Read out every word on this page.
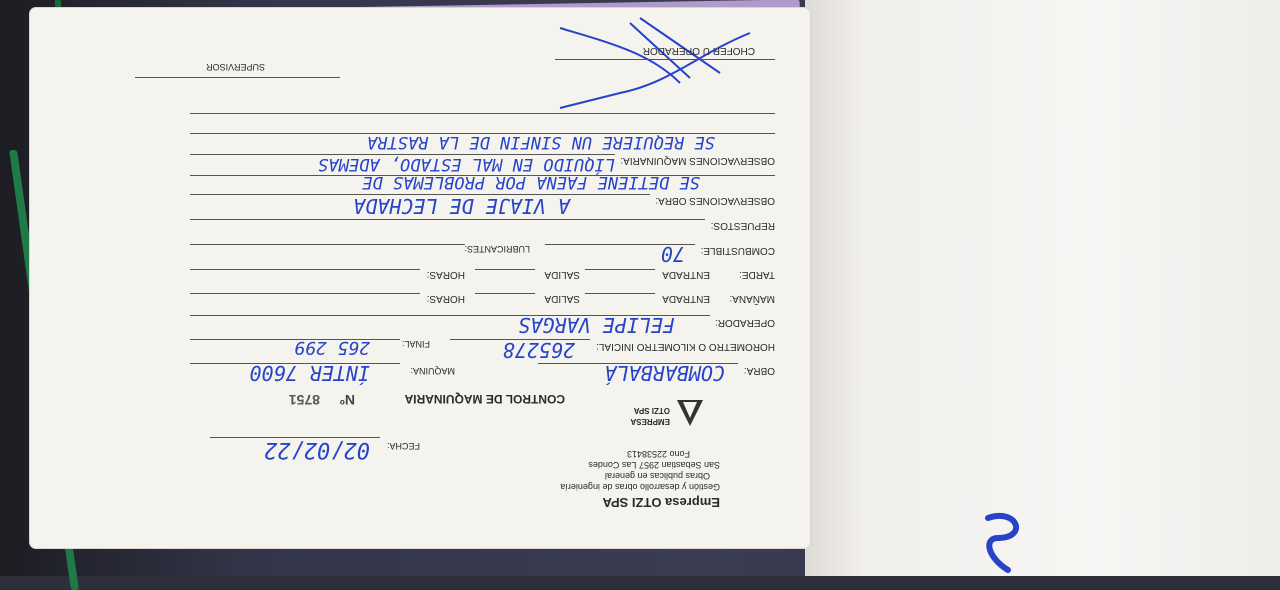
Empresa OTZI SPA
Gestión y desarrollo obras de ingeniería
Obras publicas en general
San Sebastian 2957 Las Condes
Fono 22538413
EMPRESA
OTZI SPA
FECHA:
02/02/22
CONTROL DE MAQUINARIA
Nº
8751
OBRA:
COMBARBALÁ
MAQUINA:
ÍNTER 7600
HOROMETRO O KILOMETRO INICIAL:
265278
FINAL:
265 299
OPERADOR:
FELIPE VARGAS
MAÑANA:
ENTRADA
SALIDA
HORAS:
TARDE:
ENTRADA
SALIDA
HORAS:
COMBUSTIBLE:
70
LUBRICANTES:
REPUESTOS:
OBSERVACIONES OBRA:
A VIAJE DE LECHADA
SE DETIENE FAENA POR PROBLEMAS DE
OBSERVACIONES MAQUINARIA:
LÍQUIDO EN MAL ESTADO, ADEMAS
SE REQUIERE UN SINFIN DE LA RASTRA
CHOFER U OPERADOR
SUPERVISOR
